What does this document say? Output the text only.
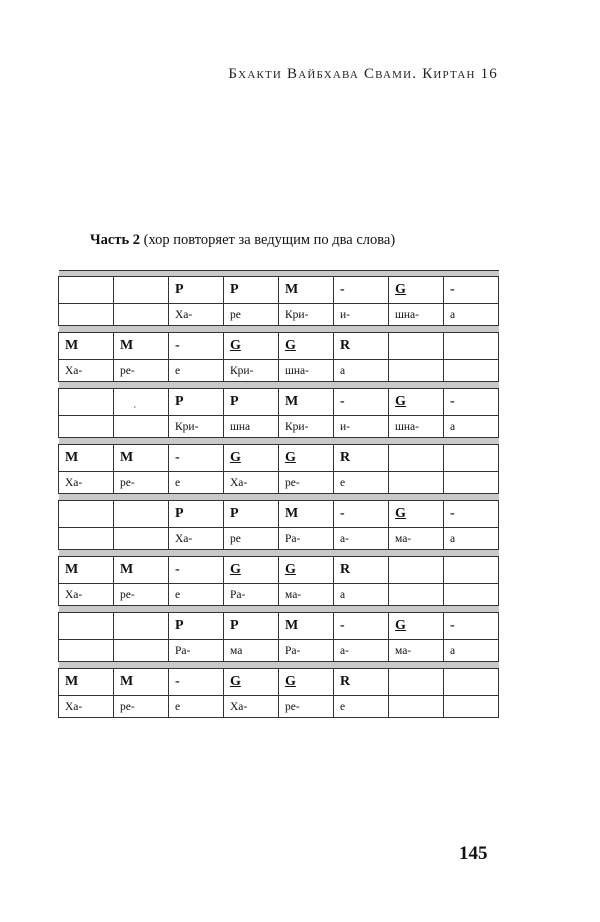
Бхакти Вайбхава Свами. Киртан 16
Часть 2 (хор повторяет за ведущим по два слова)

		P	P	M	-	G	-
		Ха-	ре	Кри-	и-	шна-	а

M	M	-	G	G	R		
Ха-	ре-	е	Кри-	шна-	а		

		P	P	M	-	G	-
		Кри-	шна	Кри-	и-	шна-	а

M	M	-	G	G	R		
Ха-	ре-	е	Ха-	ре-	е		

		P	P	M	-	G	-
		Ха-	ре	Ра-	а-	ма-	а

M	M	-	G	G	R		
Ха-	ре-	е	Ра-	ма-	а		

		P	P	M	-	G	-
		Ра-	ма	Ра-	а-	ма-	а

M	M	-	G	G	R		
Ха-	ре-	е	Ха-	ре-	е		
´
145
